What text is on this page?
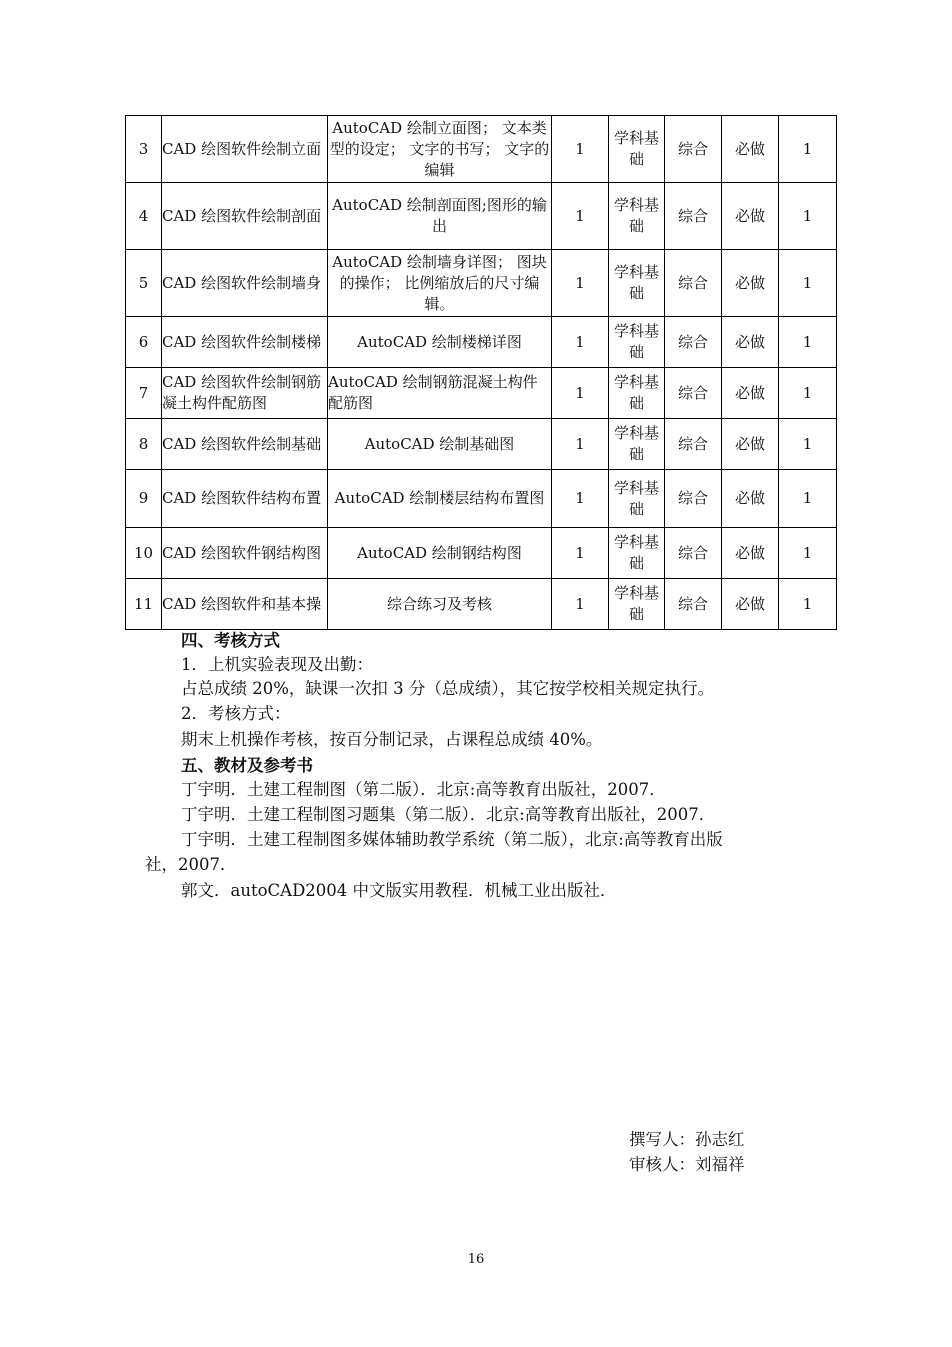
3	CAD 绘图软件绘制立面	AutoCAD 绘制立面图； 文本类型的设定； 文字的书写； 文字的编辑	1	学科基础	综合	必做	1
4	CAD 绘图软件绘制剖面	AutoCAD 绘制剖面图;图形的输出	1	学科基础	综合	必做	1
5	CAD 绘图软件绘制墙身	AutoCAD 绘制墙身详图； 图块的操作； 比例缩放后的尺寸编辑。	1	学科基础	综合	必做	1
6	CAD 绘图软件绘制楼梯	AutoCAD 绘制楼梯详图	1	学科基础	综合	必做	1
7	CAD 绘图软件绘制钢筋凝土构件配筋图	AutoCAD 绘制钢筋混凝土构件配筋图	1	学科基础	综合	必做	1
8	CAD 绘图软件绘制基础	AutoCAD 绘制基础图	1	学科基础	综合	必做	1
9	CAD 绘图软件结构布置	AutoCAD 绘制楼层结构布置图	1	学科基础	综合	必做	1
10	CAD 绘图软件钢结构图	AutoCAD 绘制钢结构图	1	学科基础	综合	必做	1
11	CAD 绘图软件和基本操	综合练习及考核	1	学科基础	综合	必做	1
四、考核方式
1．上机实验表现及出勤：
占总成绩 20%，缺课一次扣 3 分（总成绩），其它按学校相关规定执行。
2．考核方式：
期末上机操作考核，按百分制记录，占课程总成绩 40%。
五、教材及参考书
丁宇明．土建工程制图（第二版）．北京:高等教育出版社，2007．
丁宇明．土建工程制图习题集（第二版）．北京:高等教育出版社，2007．
丁宇明．土建工程制图多媒体辅助教学系统（第二版），北京:高等教育出版
社，2007．
郭文．autoCAD2004 中文版实用教程．机械工业出版社．
撰写人：孙志红
审核人：刘福祥
16
